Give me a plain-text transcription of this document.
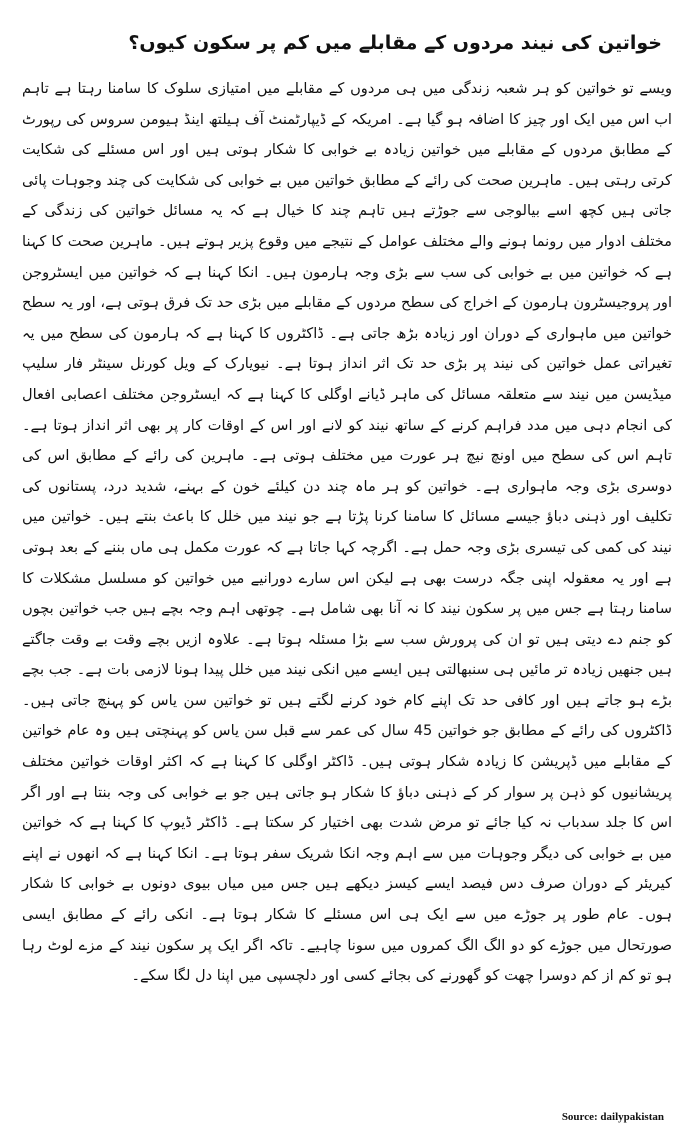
خواتین کی نیند مردوں کے مقابلے میں کم پر سکون کیوں؟

ویسے تو خواتین کو ہر شعبہ زندگی میں ہی مردوں کے مقابلے میں امتیازی سلوک کا سامنا رہتا ہے تاہم اب اس میں ایک اور چیز کا اضافہ ہو گیا ہے۔ امریکہ کے ڈیپارٹمنٹ آف ہیلتھ اینڈ ہیومن سروس کی رپورٹ کے مطابق مردوں کے مقابلے میں خواتین زیادہ بے خوابی کا شکار ہوتی ہیں اور اس مسئلے کی شکایت کرتی رہتی ہیں۔ ماہرین صحت کی رائے کے مطابق خواتین میں بے خوابی کی شکایت کی چند وجوہات پائی جاتی ہیں کچھ اسے بیالوجی سے جوڑتے ہیں تاہم چند کا خیال ہے کہ یہ مسائل خواتین کی زندگی کے مختلف ادوار میں رونما ہونے والے مختلف عوامل کے نتیجے میں وقوع پزیر ہوتے ہیں۔ ماہرین صحت کا کہنا ہے کہ خواتین میں بے خوابی کی سب سے بڑی وجہ ہارمون ہیں۔ انکا کہنا ہے کہ خواتین میں ایسٹروجن اور پروجیسٹرون ہارمون کے اخراج کی سطح مردوں کے مقابلے میں بڑی حد تک فرق ہوتی ہے، اور یہ سطح خواتین میں ماہواری کے دوران اور زیادہ بڑھ جاتی ہے۔ ڈاکٹروں کا کہنا ہے کہ ہارمون کی سطح میں یہ تغیراتی عمل خواتین کی نیند پر بڑی حد تک اثر انداز ہوتا ہے۔ نیویارک کے ویل کورنل سینٹر فار سلیپ میڈیسن میں نیند سے متعلقہ مسائل کی ماہر ڈیانے اوگلی کا کہنا ہے کہ ایسٹروجن مختلف اعصابی افعال کی انجام دہی میں مدد فراہم کرنے کے ساتھ نیند کو لانے اور اس کے اوقات کار پر بھی اثر انداز ہوتا ہے۔ تاہم اس کی سطح میں اونچ نیچ ہر عورت میں مختلف ہوتی ہے۔ ماہرین کی رائے کے مطابق اس کی دوسری بڑی وجہ ماہواری ہے۔ خواتین کو ہر ماہ چند دن کیلئے خون کے بہنے، شدید درد، پستانوں کی تکلیف اور ذہنی دباؤ جیسے مسائل کا سامنا کرنا پڑتا ہے جو نیند میں خلل کا باعث بنتے ہیں۔ خواتین میں نیند کی کمی کی تیسری بڑی وجہ حمل ہے۔ اگرچہ کہا جاتا ہے کہ عورت مکمل ہی ماں بننے کے بعد ہوتی ہے اور یہ معقولہ اپنی جگہ درست بھی ہے لیکن اس سارے دورانیے میں خواتین کو مسلسل مشکلات کا سامنا رہتا ہے جس میں پر سکون نیند کا نہ آنا بھی شامل ہے۔ چوتھی اہم وجہ بچے ہیں جب خواتین بچوں کو جنم دے دیتی ہیں تو ان کی پرورش سب سے بڑا مسئلہ ہوتا ہے۔ علاوہ ازیں بچے وقت بے وقت جاگتے ہیں جنھیں زیادہ تر مائیں ہی سنبھالتی ہیں ایسے میں انکی نیند میں خلل پیدا ہونا لازمی بات ہے۔ جب بچے بڑے ہو جاتے ہیں اور کافی حد تک اپنے کام خود کرنے لگتے ہیں تو خواتین سن یاس کو پہنچ جاتی ہیں۔ ڈاکٹروں کی رائے کے مطابق جو خواتین 45 سال کی عمر سے قبل سن یاس کو پہنچتی ہیں وہ عام خواتین کے مقابلے میں ڈپریشن کا زیادہ شکار ہوتی ہیں۔ ڈاکٹر اوگلی کا کہنا ہے کہ اکثر اوقات خواتین مختلف پریشانیوں کو ذہن پر سوار کر کے ذہنی دباؤ کا شکار ہو جاتی ہیں جو بے خوابی کی وجہ بنتا ہے اور اگر اس کا جلد سدباب نہ کیا جائے تو مرض شدت بھی اختیار کر سکتا ہے۔ ڈاکٹر ڈیوپ کا کہنا ہے کہ خواتین میں بے خوابی کی دیگر وجوہات میں سے اہم وجہ انکا شریک سفر ہوتا ہے۔ انکا کہنا ہے کہ انھوں نے اپنے کیریئر کے دوران صرف دس فیصد ایسے کیسز دیکھے ہیں جس میں میاں بیوی دونوں بے خوابی کا شکار ہوں۔ عام طور پر جوڑے میں سے ایک ہی اس مسئلے کا شکار ہوتا ہے۔ انکی رائے کے مطابق ایسی صورتحال میں جوڑے کو دو الگ الگ کمروں میں سونا چاہیے۔ تاکہ اگر ایک پر سکون نیند کے مزے لوٹ رہا ہو تو کم از کم دوسرا چھت کو گھورنے کی بجائے کسی اور دلچسپی میں اپنا دل لگا سکے۔

Source: dailypakistan
